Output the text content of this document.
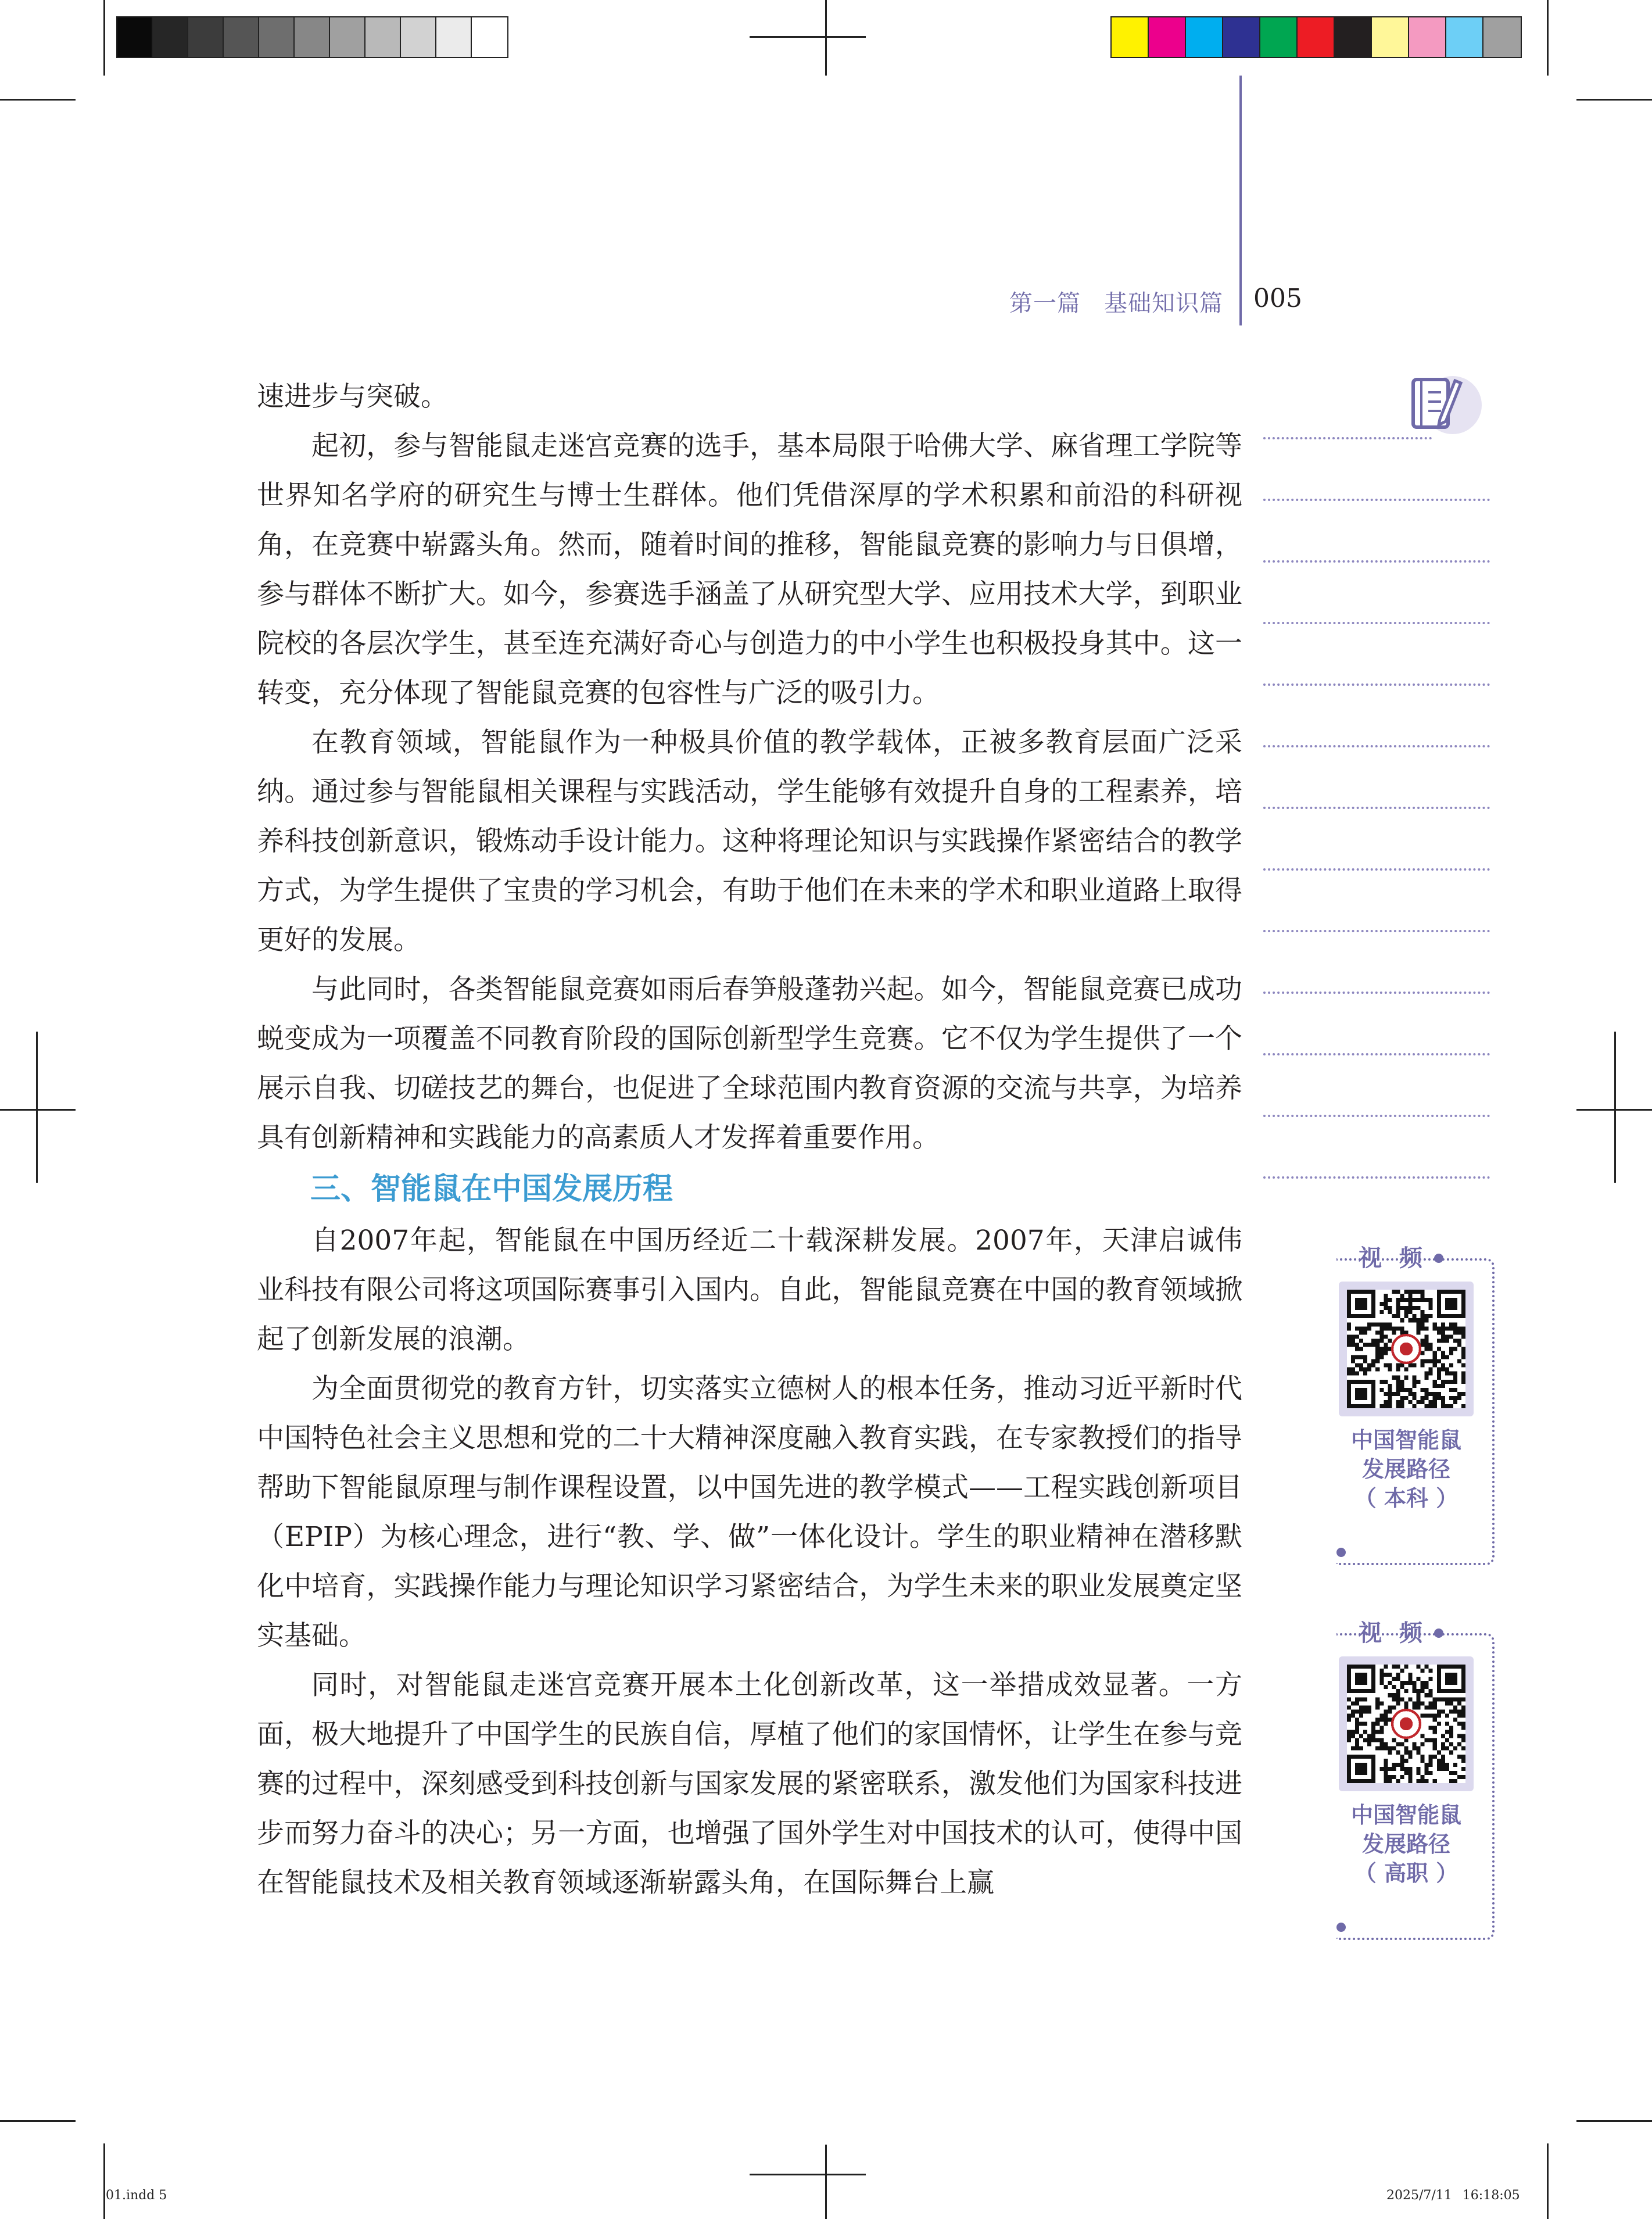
第一篇 基础知识篇 005

速进步与突破。

起初，参与智能鼠走迷宫竞赛的选手，基本局限于哈佛大学、麻省理工学院等世界知名学府的研究生与博士生群体。他们凭借深厚的学术积累和前沿的科研视角，在竞赛中崭露头角。然而，随着时间的推移，智能鼠竞赛的影响力与日俱增，参与群体不断扩大。如今，参赛选手涵盖了从研究型大学、应用技术大学，到职业院校的各层次学生，甚至连充满好奇心与创造力的中小学生也积极投身其中。这一转变，充分体现了智能鼠竞赛的包容性与广泛的吸引力。

在教育领域，智能鼠作为一种极具价值的教学载体，正被多教育层面广泛采纳。通过参与智能鼠相关课程与实践活动，学生能够有效提升自身的工程素养，培养科技创新意识，锻炼动手设计能力。这种将理论知识与实践操作紧密结合的教学方式，为学生提供了宝贵的学习机会，有助于他们在未来的学术和职业道路上取得更好的发展。

与此同时，各类智能鼠竞赛如雨后春笋般蓬勃兴起。如今，智能鼠竞赛已成功蜕变成为一项覆盖不同教育阶段的国际创新型学生竞赛。它不仅为学生提供了一个展示自我、切磋技艺的舞台，也促进了全球范围内教育资源的交流与共享，为培养具有创新精神和实践能力的高素质人才发挥着重要作用。

三、智能鼠在中国发展历程

自2007年起，智能鼠在中国历经近二十载深耕发展。2007年，天津启诚伟业科技有限公司将这项国际赛事引入国内。自此，智能鼠竞赛在中国的教育领域掀起了创新发展的浪潮。

为全面贯彻党的教育方针，切实落实立德树人的根本任务，推动习近平新时代中国特色社会主义思想和党的二十大精神深度融入教育实践，在专家教授们的指导帮助下智能鼠原理与制作课程设置，以中国先进的教学模式——工程实践创新项目（EPIP）为核心理念，进行“教、学、做”一体化设计。学生的职业精神在潜移默化中培育，实践操作能力与理论知识学习紧密结合，为学生未来的职业发展奠定坚实基础。

同时，对智能鼠走迷宫竞赛开展本土化创新改革，这一举措成效显著。一方面，极大地提升了中国学生的民族自信，厚植了他们的家国情怀，让学生在参与竞赛的过程中，深刻感受到科技创新与国家发展的紧密联系，激发他们为国家科技进步而努力奋斗的决心；另一方面，也增强了国外学生对中国技术的认可，使得中国在智能鼠技术及相关教育领域逐渐崭露头角，在国际舞台上赢

视 频
中国智能鼠
发展路径
（ 本科 ）
视 频
中国智能鼠
发展路径
（ 高职 ）
01.indd 5	2025/7/11 16:18:05
